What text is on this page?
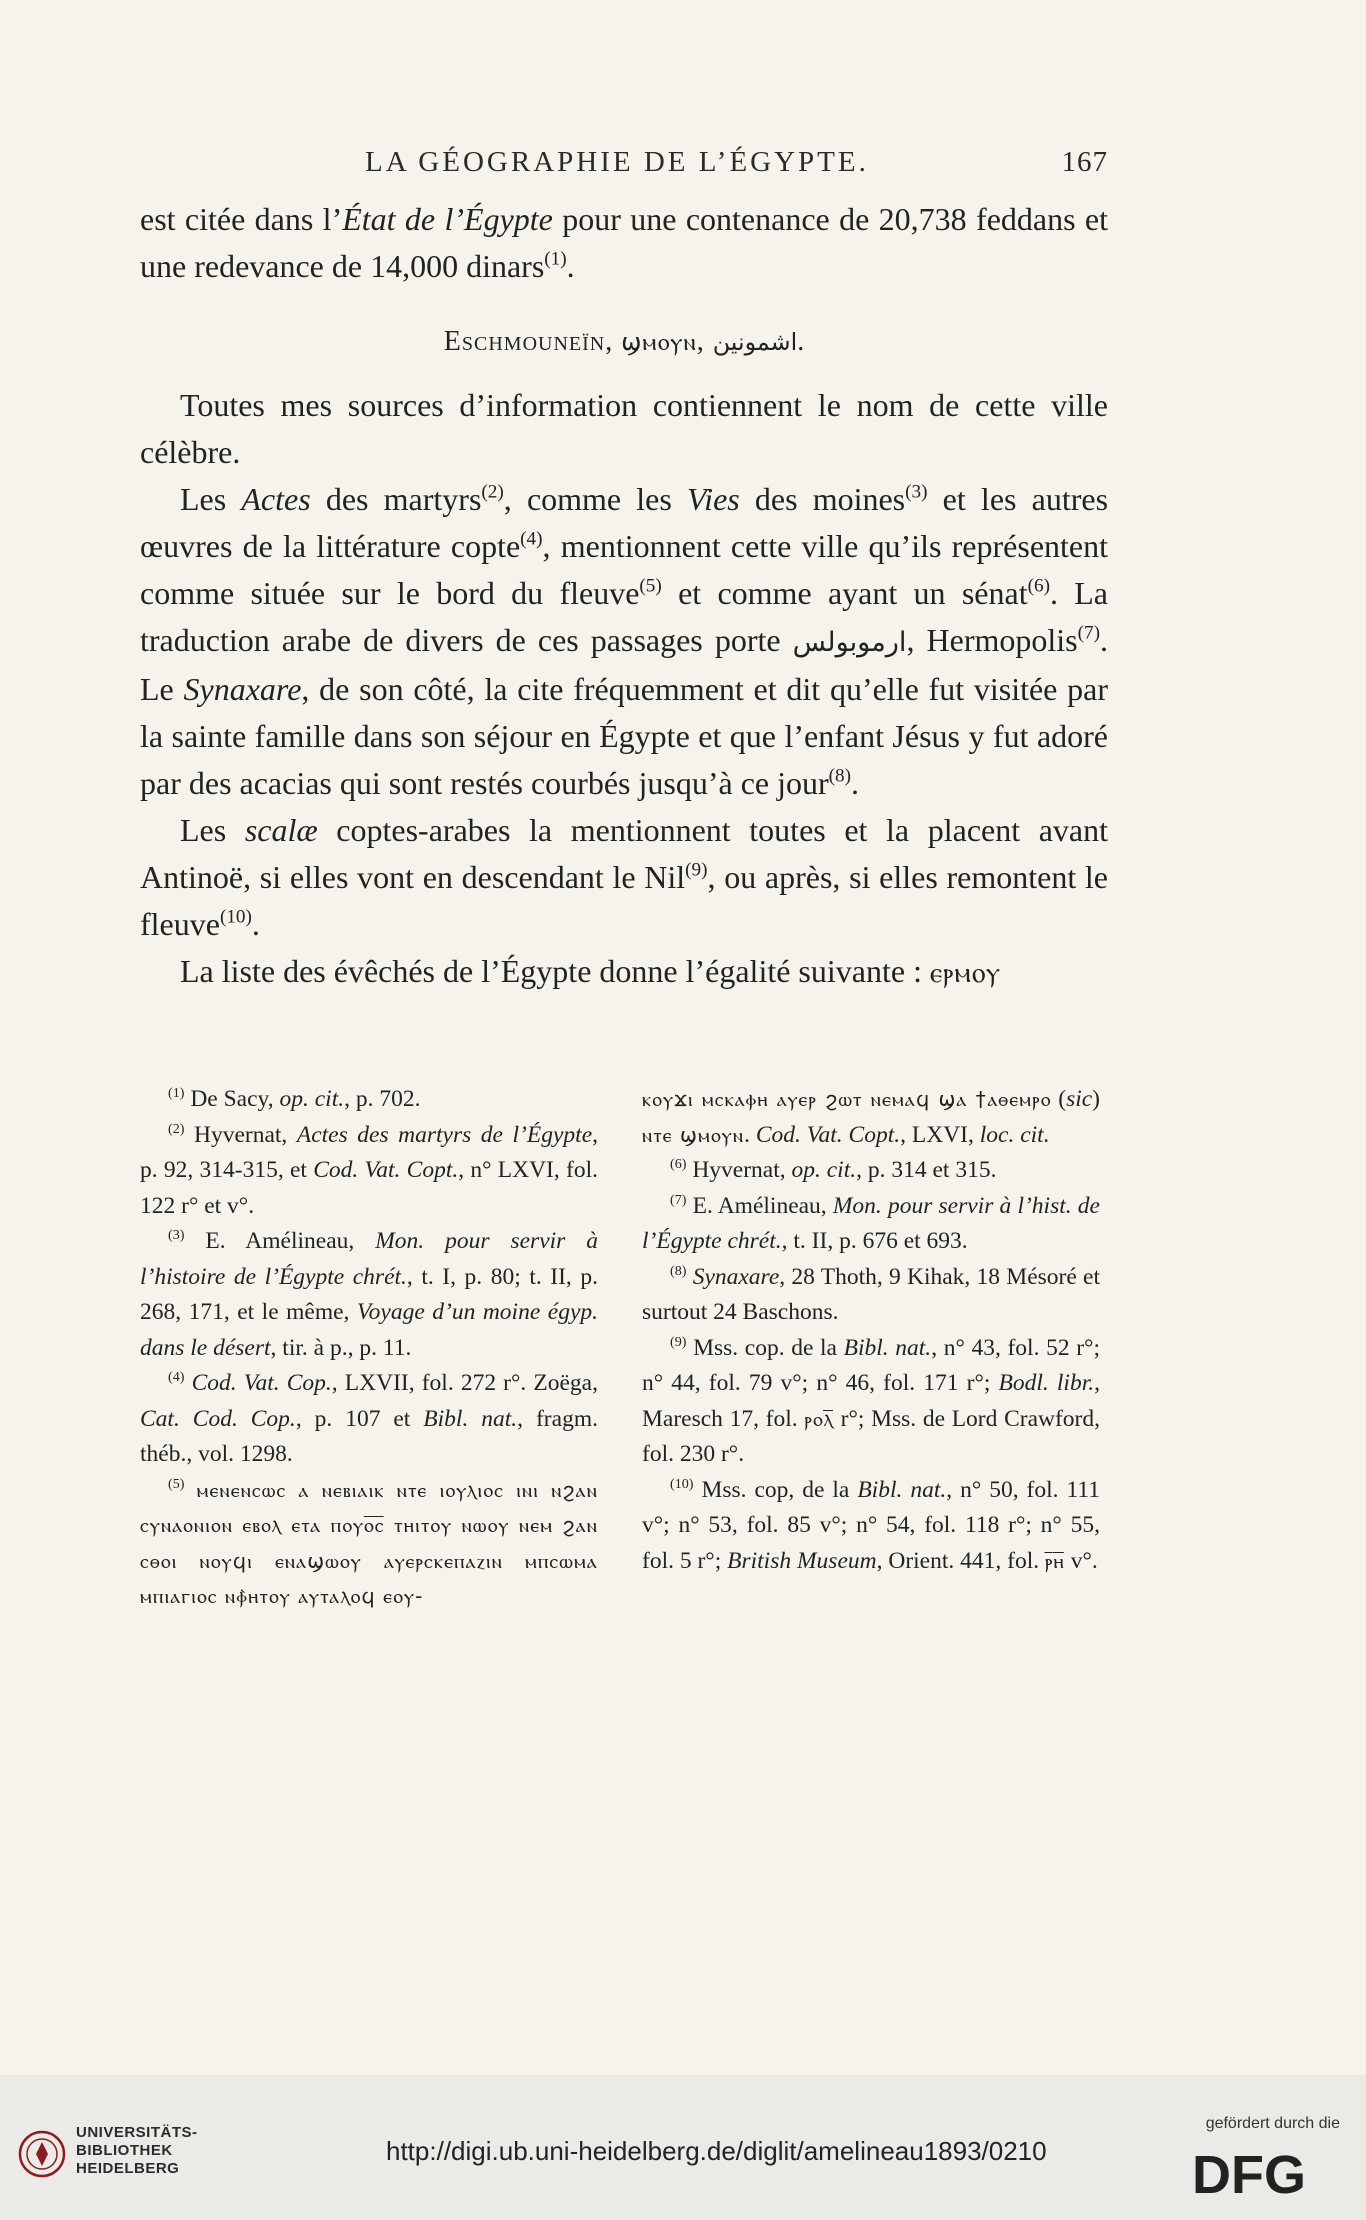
LA GÉOGRAPHIE DE L’ÉGYPTE.	167

est citée dans l’État de l’Égypte pour une contenance de 20,738 feddans et une redevance de 14,000 dinars$^{(1)}$.

Eschmouneïn, ϣⲙⲟⲩⲛ, اشمونين.

Toutes mes sources d’information contiennent le nom de cette ville célèbre.

Les Actes des martyrs$^{(2)}$, comme les Vies des moines$^{(3)}$ et les autres œuvres de la littérature copte$^{(4)}$, mentionnent cette ville qu’ils représentent comme située sur le bord du fleuve$^{(5)}$ et comme ayant un sénat$^{(6)}$. La traduction arabe de divers de ces passages porte ارموبولس, Hermopolis$^{(7)}$. Le Synaxare, de son côté, la cite fréquemment et dit qu’elle fut visitée par la sainte famille dans son séjour en Égypte et que l’enfant Jésus y fut adoré par des acacias qui sont restés courbés jusqu’à ce jour$^{(8)}$.

Les scalæ coptes-arabes la mentionnent toutes et la placent avant Antinoë, si elles vont en descendant le Nil$^{(9)}$, ou après, si elles remontent le fleuve$^{(10)}$.

La liste des évêchés de l’Égypte donne l’égalité suivante : ⲉⲣⲙⲟⲩ

$^{(1)}$ De Sacy, op. cit., p. 702.

$^{(2)}$ Hyvernat, Actes des martyrs de l’Égypte, p. 92, 314-315, et Cod. Vat. Copt., n° LXVI, fol. 122 r° et v°.

$^{(3)}$ E. Amélineau, Mon. pour servir à l’histoire de l’Égypte chrét., t. I, p. 80; t. II, p. 268, 171, et le même, Voyage d’un moine égyp. dans le désert, tir. à p., p. 11.

$^{(4)}$ Cod. Vat. Cop., LXVII, fol. 272 r°. Zoëga, Cat. Cod. Cop., p. 107 et Bibl. nat., fragm. théb., vol. 1298.

$^{(5)}$ ⲙⲉⲛⲉⲛⲥⲱⲥ ⲁ ⲛⲉⲃⲓⲁⲓⲕ ⲛⲧⲉ ⲓⲟⲩⲗⲓⲟⲥ ⲓⲛⲓ ⲛϩⲁⲛ ⲥⲩⲛⲁⲟⲛⲓⲟⲛ ⲉⲃⲟⲗ ⲉⲧⲁ ⲡⲟⲩⲟ̅ⲥ̅ ⲧⲏⲓⲧⲟⲩ ⲛⲱⲟⲩ ⲛⲉⲙ ϩⲁⲛ ⲥⲑⲟⲓ ⲛⲟⲩϥⲓ ⲉⲛⲁϣⲱⲟⲩ ⲁⲩⲉⲣⲥⲕⲉⲡⲁⲍⲓⲛ ⲙⲡⲥⲱⲙⲁ ⲙⲡⲓⲁⲅⲓⲟⲥ ⲛⲫ̀ⲏⲧⲟⲩ ⲁⲩⲧⲁⲗⲟϥ ⲉⲟⲩ-

ⲕⲟⲩϫⲓ ⲙⲥⲕⲁⲫⲏ ⲁⲩⲉⲣ ϩⲱⲧ ⲛⲉⲙⲁϥ ϣⲁ †ⲁⲑⲉⲙⲣⲟ (sic) ⲛⲧⲉ ϣⲙⲟⲩⲛ. Cod. Vat. Copt., LXVI, loc. cit.

$^{(6)}$ Hyvernat, op. cit., p. 314 et 315.

$^{(7)}$ E. Amélineau, Mon. pour servir à l’hist. de l’Égypte chrét., t. II, p. 676 et 693.

$^{(8)}$ Synaxare, 28 Thoth, 9 Kihak, 18 Mésoré et surtout 24 Baschons.

$^{(9)}$ Mss. cop. de la Bibl. nat., n° 43, fol. 52 r°; n° 44, fol. 79 v°; n° 46, fol. 171 r°; Bodl. libr., Maresch 17, fol. ⲣⲟⲗ̅ r°; Mss. de Lord Crawford, fol. 230 r°.

$^{(10)}$ Mss. cop, de la Bibl. nat., n° 50, fol. 111 v°; n° 53, fol. 85 v°; n° 54, fol. 118 r°; n° 55, fol. 5 r°; British Museum, Orient. 441, fol. ⲣ̅ⲏ̅ v°.

UNIVERSITÄTS-
BIBLIOTHEK
HEIDELBERG
http://digi.ub.uni-heidelberg.de/diglit/amelineau1893/0210
gefördert durch die
DFG
